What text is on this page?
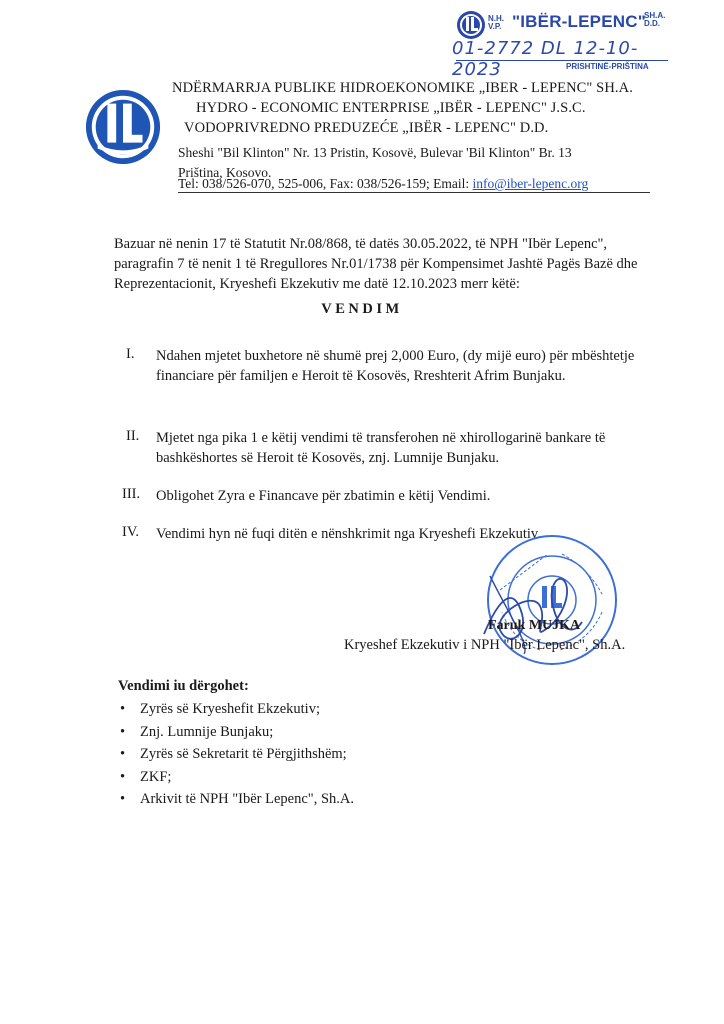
N.H.
V.P. "IBËR-LEPENC"
SH.A.
D.D.
01-2772 DL 12-10-2023	PRISHTINË-PRIŠTINA
NDËRMARRJA PUBLIKE HIDROEKONOMIKE „IBER - LEPENC" SH.A.
HYDRO - ECONOMIC ENTERPRISE „IBËR - LEPENC" J.S.C.
VODOPRIVREDNO PREDUZEĆE „IBËR - LEPENC" D.D.
Sheshi "Bil Klinton" Nr. 13 Pristin, Kosovë, Bulevar 'Bil Klinton" Br. 13
Priština, Kosovo.
Tel: 038/526-070, 525-006, Fax: 038/526-159; Email: info@iber-lepenc.org
Bazuar në nenin 17 të Statutit Nr.08/868, të datës 30.05.2022, të NPH "Ibër Lepenc", paragrafin 7 të nenit 1 të Rregullores Nr.01/1738 për Kompensimet Jashtë Pagës Bazë dhe Reprezentacionit, Kryeshefi Ekzekutiv me datë 12.10.2023 merr këtë:
VENDIM
I.	Ndahen mjetet buxhetore në shumë prej 2,000 Euro, (dy mijë euro) për mbështetje financiare për familjen e Heroit të Kosovës, Rreshterit Afrim Bunjaku.
II.	Mjetet nga pika 1 e këtij vendimi të transferohen në xhirollogarinë bankare të bashkëshortes së Heroit të Kosovës, znj. Lumnije Bunjaku.
III.	Obligohet Zyra e Financave për zbatimin e këtij Vendimi.
IV.	Vendimi hyn në fuqi ditën e nënshkrimit nga Kryeshefi Ekzekutiv.
Faruk MUJKA
Kryeshef Ekzekutiv i NPH "Ibër Lepenc", Sh.A.
Vendimi iu dërgohet:
• Zyrës së Kryeshefit Ekzekutiv;
• Znj. Lumnije Bunjaku;
• Zyrës së Sekretarit të Përgjithshëm;
• ZKF;
• Arkivit të NPH "Ibër Lepenc", Sh.A.
